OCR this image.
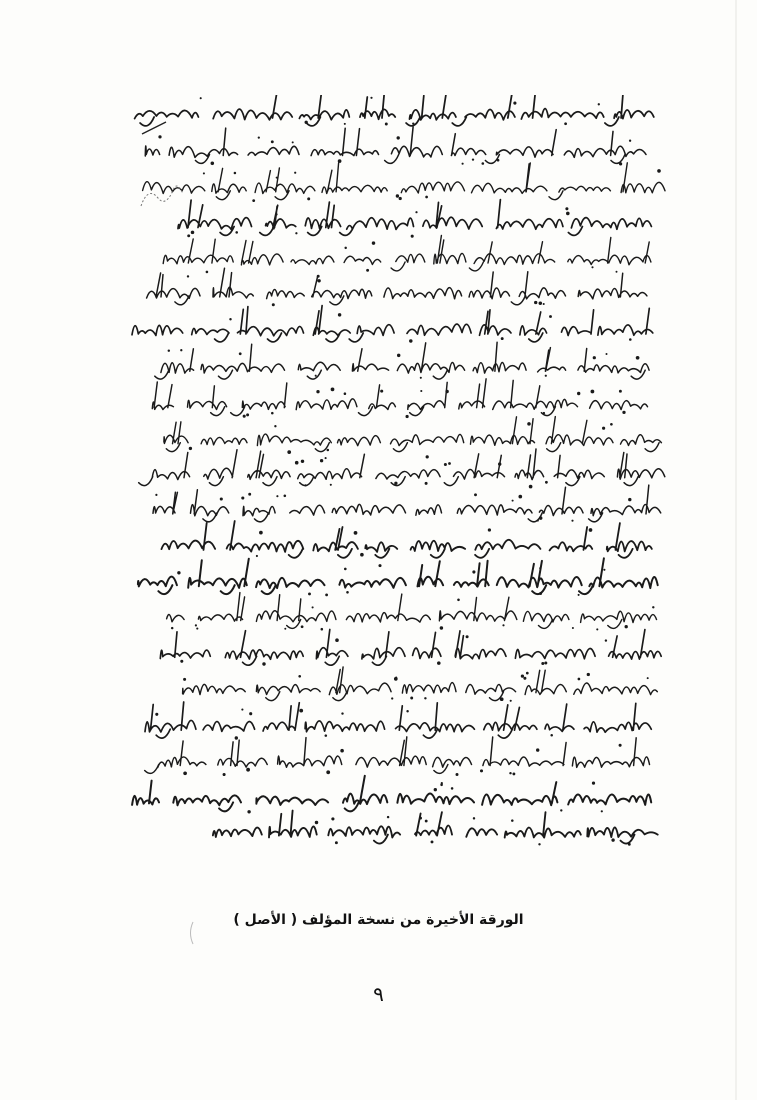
الورقة الأخيرة من نسخة المؤلف ( الأصل )
٩
